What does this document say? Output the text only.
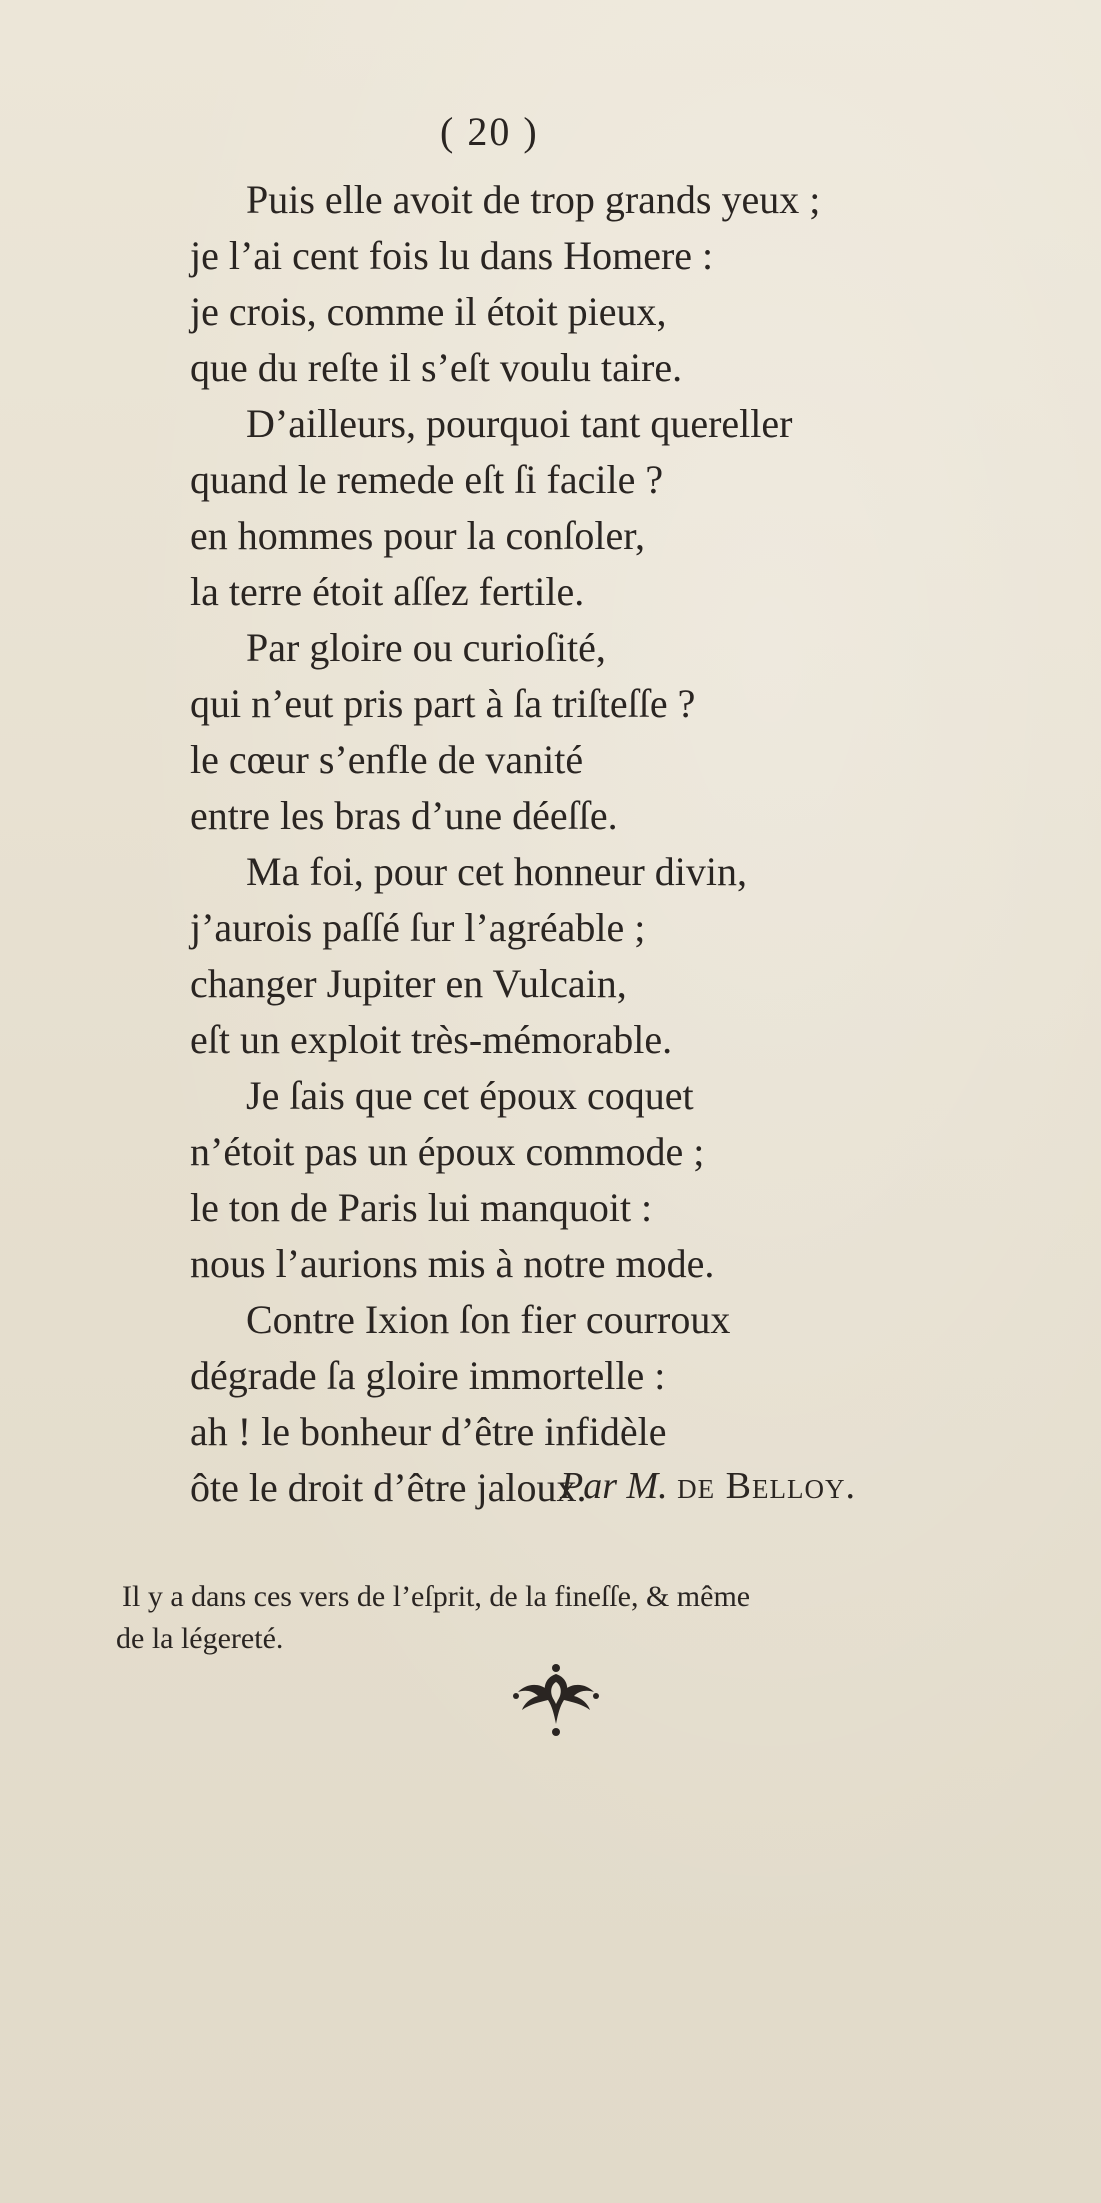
( 20 )
Puis elle avoit de trop grands yeux ;
je l’ai cent fois lu dans Homere :
je crois, comme il étoit pieux,
que du reſte il s’eſt voulu taire.
D’ailleurs, pourquoi tant quereller
quand le remede eſt ſi facile ?
en hommes pour la conſoler,
la terre étoit aſſez fertile.
Par gloire ou curioſité,
qui n’eut pris part à ſa triſteſſe ?
le cœur s’enfle de vanité
entre les bras d’une déeſſe.
Ma foi, pour cet honneur divin,
j’aurois paſſé ſur l’agréable ;
changer Jupiter en Vulcain,
eſt un exploit très-mémorable.
Je ſais que cet époux coquet
n’étoit pas un époux commode ;
le ton de Paris lui manquoit :
nous l’aurions mis à notre mode.
Contre Ixion ſon fier courroux
dégrade ſa gloire immortelle :
ah ! le bonheur d’être infidèle
ôte le droit d’être jaloux.
Par M. de Belloy.
Il y a dans ces vers de l’eſprit, de la fineſſe, & même
de la légereté.
